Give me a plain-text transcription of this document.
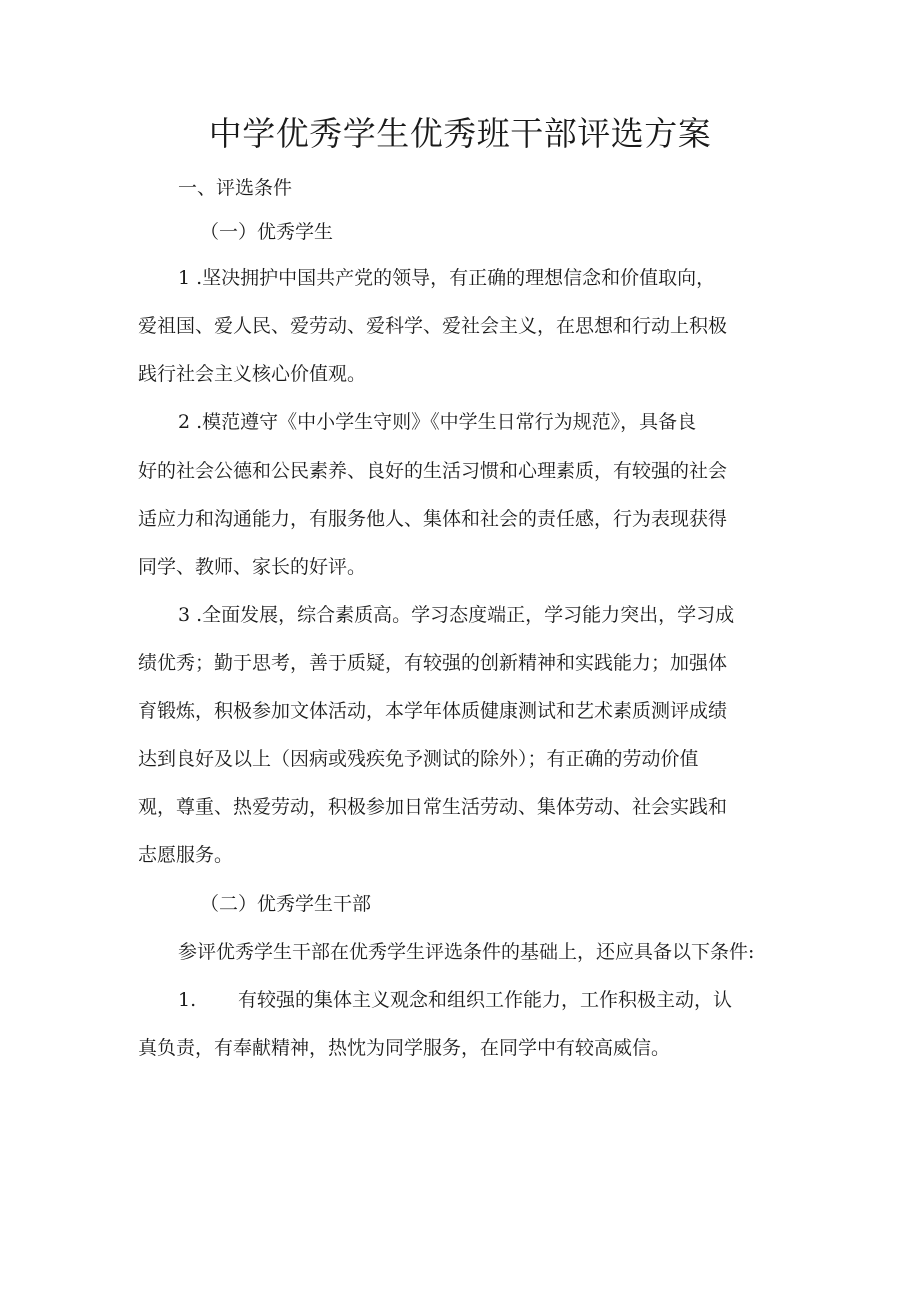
中学优秀学生优秀班干部评选方案

一、评选条件

（一）优秀学生

1 .坚决拥护中国共产党的领导，有正确的理想信念和价值取向，

爱祖国、爱人民、爱劳动、爱科学、爱社会主义，在思想和行动上积极

践行社会主义核心价值观。

2 .模范遵守《中小学生守则》《中学生日常行为规范》，具备良

好的社会公德和公民素养、良好的生活习惯和心理素质，有较强的社会

适应力和沟通能力，有服务他人、集体和社会的责任感，行为表现获得

同学、教师、家长的好评。

3 .全面发展，综合素质高。学习态度端正，学习能力突出，学习成

绩优秀；勤于思考，善于质疑，有较强的创新精神和实践能力；加强体

育锻炼，积极参加文体活动，本学年体质健康测试和艺术素质测评成绩

达到良好及以上（因病或残疾免予测试的除外）；有正确的劳动价值

观，尊重、热爱劳动，积极参加日常生活劳动、集体劳动、社会实践和

志愿服务。

（二）优秀学生干部

参评优秀学生干部在优秀学生评选条件的基础上，还应具备以下条件:

1. 有较强的集体主义观念和组织工作能力，工作积极主动，认

真负责，有奉献精神，热忱为同学服务，在同学中有较高威信。
